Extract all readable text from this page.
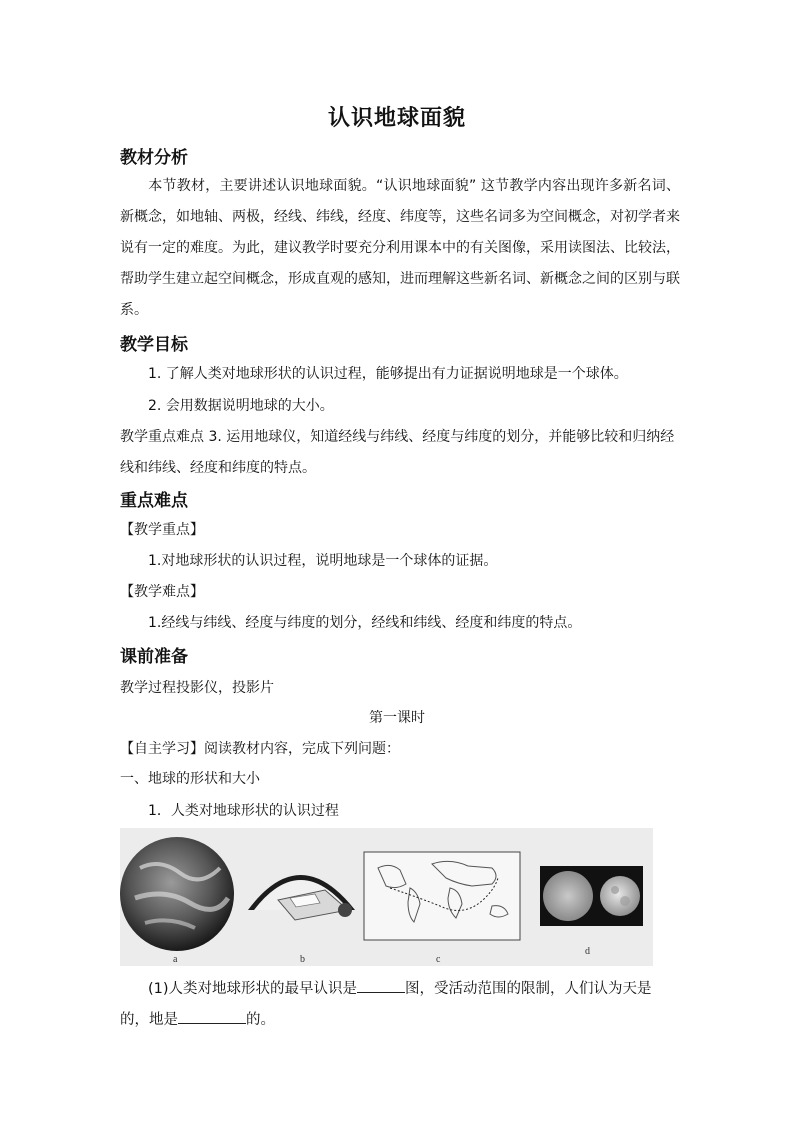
认识地球面貌
教材分析
本节教材，主要讲述认识地球面貌。“认识地球面貌” 这节教学内容出现许多新名词、新概念，如地轴、两极，经线、纬线，经度、纬度等，这些名词多为空间概念，对初学者来说有一定的难度。为此，建议教学时要充分利用课本中的有关图像，采用读图法、比较法，帮助学生建立起空间概念，形成直观的感知，进而理解这些新名词、新概念之间的区别与联系。
教学目标
1. 了解人类对地球形状的认识过程，能够提出有力证据说明地球是一个球体。
2. 会用数据说明地球的大小。
教学重点难点 3. 运用地球仪，知道经线与纬线、经度与纬度的划分，并能够比较和归纳经
线和纬线、经度和纬度的特点。
重点难点
【教学重点】
1.对地球形状的认识过程，说明地球是一个球体的证据。
【教学难点】
1.经线与纬线、经度与纬度的划分，经线和纬线、经度和纬度的特点。
课前准备
教学过程投影仪，投影片
第一课时
【自主学习】阅读教材内容，完成下列问题：
一、地球的形状和大小
1．人类对地球形状的认识过程
a	b	c
d
(1)人类对地球形状的最早认识是	图，受活动范围的限制，人们认为天是
的，地是	的。
